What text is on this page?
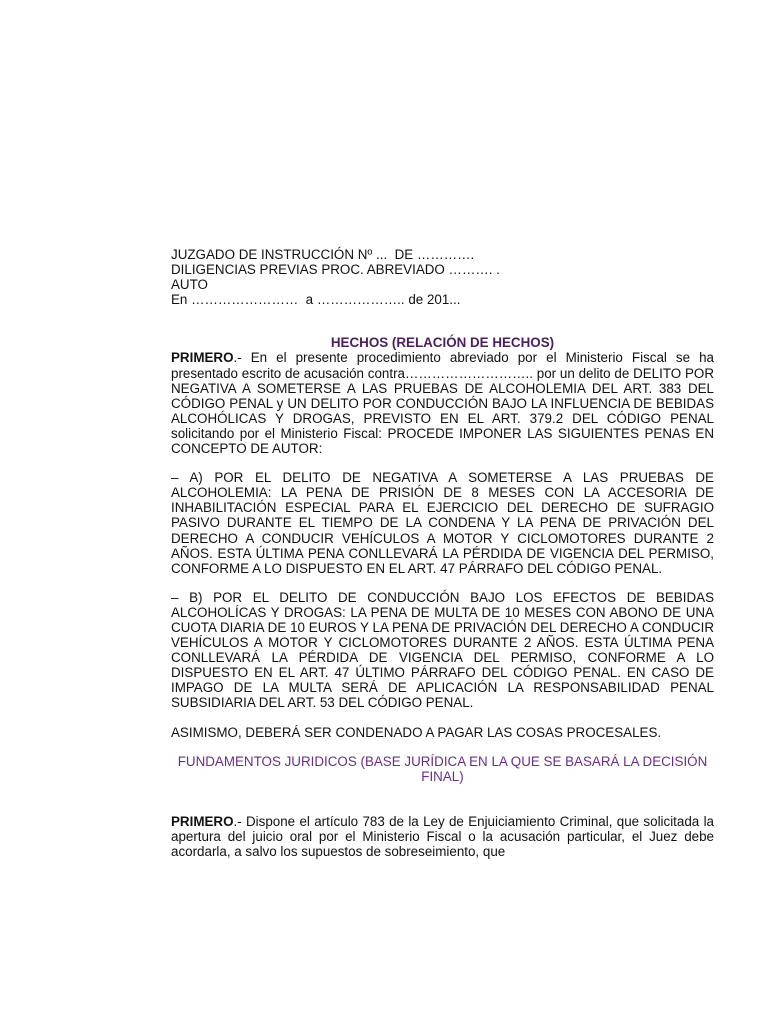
JUZGADO DE INSTRUCCIÓN Nº ...  DE ………….

DILIGENCIAS PREVIAS PROC. ABREVIADO ………. .

AUTO

En ……………………  a ……………….. de 201...

HECHOS (RELACIÓN DE HECHOS)

PRIMERO.- En el presente procedimiento abreviado por el Ministerio Fiscal se ha presentado escrito de acusación contra……………………….. por un delito de DELITO POR NEGATIVA A SOMETERSE A LAS PRUEBAS DE ALCOHOLEMIA DEL ART. 383 DEL CÓDIGO PENAL y UN DELITO POR CONDUCCIÓN BAJO LA INFLUENCIA DE BEBIDAS ALCOHÓLICAS Y DROGAS, PREVISTO EN EL ART. 379.2 DEL CÓDIGO PENAL solicitando por el Ministerio Fiscal: PROCEDE IMPONER LAS SIGUIENTES PENAS EN CONCEPTO DE AUTOR:

– A) POR EL DELITO DE NEGATIVA A SOMETERSE A LAS PRUEBAS DE ALCOHOLEMIA: LA PENA DE PRISIÓN DE 8 MESES CON LA ACCESORIA DE INHABILITACIÓN ESPECIAL PARA EL EJERCICIO DEL DERECHO DE SUFRAGIO PASIVO DURANTE EL TIEMPO DE LA CONDENA Y LA PENA DE PRIVACIÓN DEL DERECHO A CONDUCIR VEHÍCULOS A MOTOR Y CICLOMOTORES DURANTE 2 AÑOS. ESTA ÚLTIMA PENA CONLLEVARÁ LA PÉRDIDA DE VIGENCIA DEL PERMISO, CONFORME A LO DISPUESTO EN EL ART. 47 PÁRRAFO DEL CÓDIGO PENAL.

– B) POR EL DELITO DE CONDUCCIÓN BAJO LOS EFECTOS DE BEBIDAS ALCOHOLÍCAS Y DROGAS: LA PENA DE MULTA DE 10 MESES CON ABONO DE UNA CUOTA DIARIA DE 10 EUROS Y LA PENA DE PRIVACIÓN DEL DERECHO A CONDUCIR VEHÍCULOS A MOTOR Y CICLOMOTORES DURANTE 2 AÑOS. ESTA ÚLTIMA PENA CONLLEVARÁ LA PÉRDIDA DE VIGENCIA DEL PERMISO, CONFORME A LO DISPUESTO EN EL ART. 47 ÚLTIMO PÁRRAFO DEL CÓDIGO PENAL. EN CASO DE IMPAGO DE LA MULTA SERÁ DE APLICACIÓN LA RESPONSABILIDAD PENAL SUBSIDIARIA DEL ART. 53 DEL CÓDIGO PENAL.

ASIMISMO, DEBERÁ SER CONDENADO A PAGAR LAS COSAS PROCESALES.

FUNDAMENTOS JURIDICOS (BASE JURÍDICA EN LA QUE SE BASARÁ LA DECISIÓN FINAL)

PRIMERO.- Dispone el artículo 783 de la Ley de Enjuiciamiento Criminal, que solicitada la apertura del juicio oral por el Ministerio Fiscal o la acusación particular, el Juez debe acordarla, a salvo los supuestos de sobreseimiento, que
